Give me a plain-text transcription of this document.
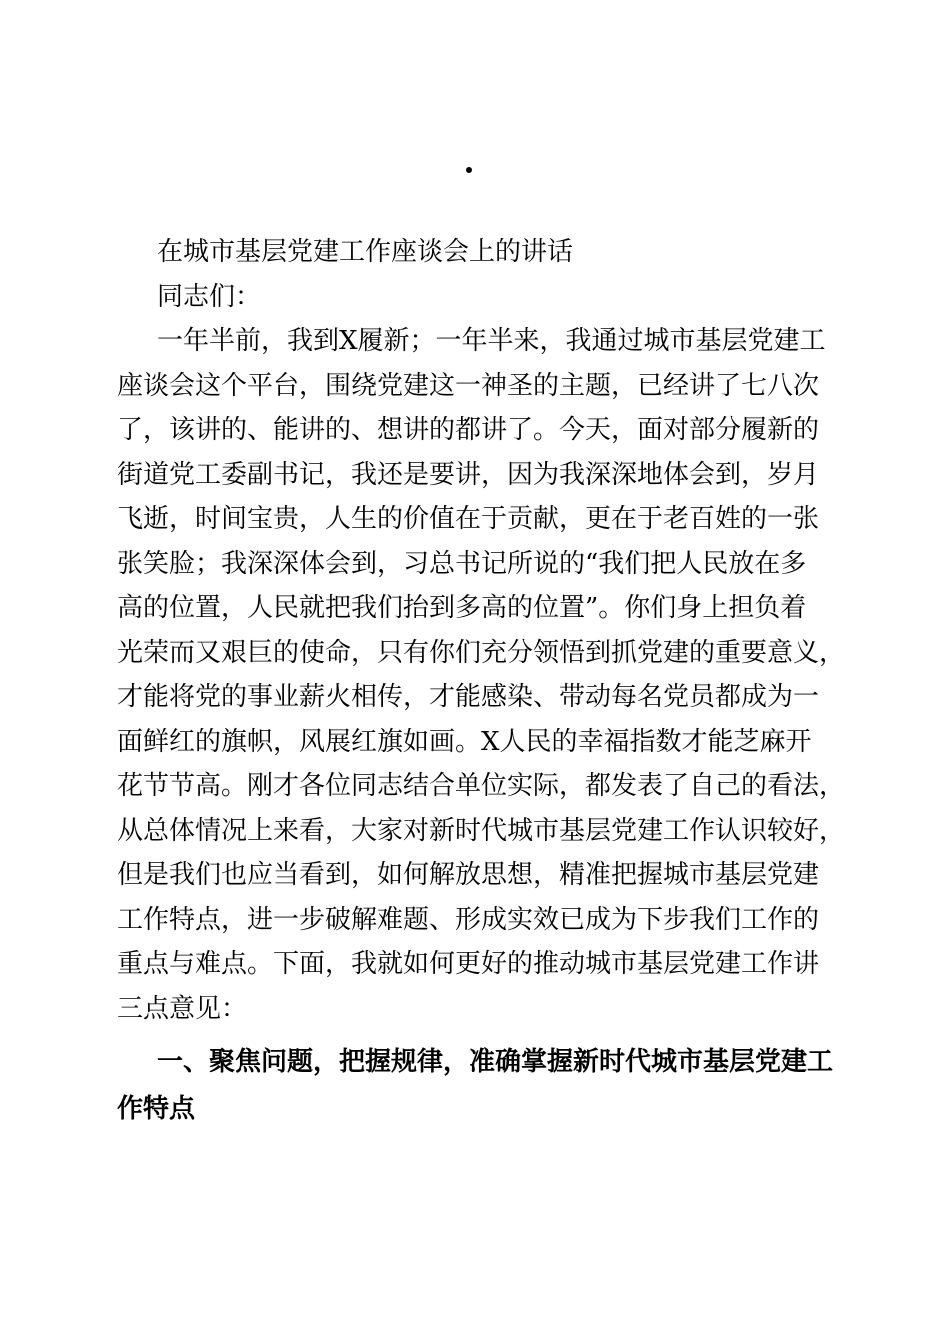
在城市基层党建工作座谈会上的讲话
同志们：
一年半前，我到X履新；一年半来，我通过城市基层党建工
座谈会这个平台，围绕党建这一神圣的主题，已经讲了七八次
了，该讲的、能讲的、想讲的都讲了。今天，面对部分履新的
街道党工委副书记，我还是要讲，因为我深深地体会到，岁月
飞逝，时间宝贵，人生的价值在于贡献，更在于老百姓的一张
张笑脸；我深深体会到，习总书记所说的“我们把人民放在多
高的位置，人民就把我们抬到多高的位置”。你们身上担负着
光荣而又艰巨的使命，只有你们充分领悟到抓党建的重要意义，
才能将党的事业薪火相传，才能感染、带动每名党员都成为一
面鲜红的旗帜，风展红旗如画。X人民的幸福指数才能芝麻开
花节节高。刚才各位同志结合单位实际，都发表了自己的看法，
从总体情况上来看，大家对新时代城市基层党建工作认识较好，
但是我们也应当看到，如何解放思想，精准把握城市基层党建
工作特点，进一步破解难题、形成实效已成为下步我们工作的
重点与难点。下面，我就如何更好的推动城市基层党建工作讲
三点意见：
一、聚焦问题，把握规律，准确掌握新时代城市基层党建工
作特点
